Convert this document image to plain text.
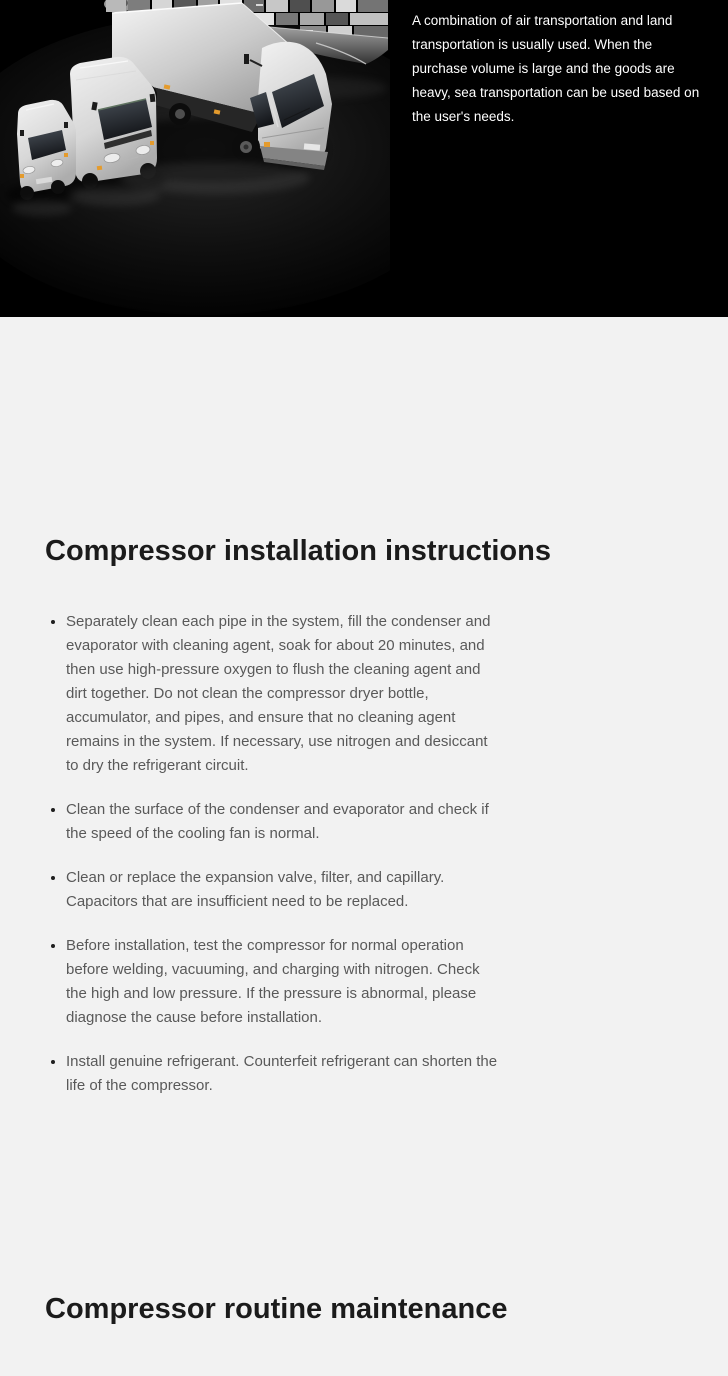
A combination of air transportation and land transportation is usually used. When the purchase volume is large and the goods are heavy, sea transportation can be used based on the user's needs.

Compressor installation instructions
• Separately clean each pipe in the system, fill the condenser and evaporator with cleaning agent, soak for about 20 minutes, and then use high-pressure oxygen to flush the cleaning agent and dirt together. Do not clean the compressor dryer bottle, accumulator, and pipes, and ensure that no cleaning agent remains in the system. If necessary, use nitrogen and desiccant to dry the refrigerant circuit.
• Clean the surface of the condenser and evaporator and check if the speed of the cooling fan is normal.
• Clean or replace the expansion valve, filter, and capillary. Capacitors that are insufficient need to be replaced.
• Before installation, test the compressor for normal operation before welding, vacuuming, and charging with nitrogen. Check the high and low pressure. If the pressure is abnormal, please diagnose the cause before installation.
• Install genuine refrigerant. Counterfeit refrigerant can shorten the life of the compressor.
Compressor routine maintenance
